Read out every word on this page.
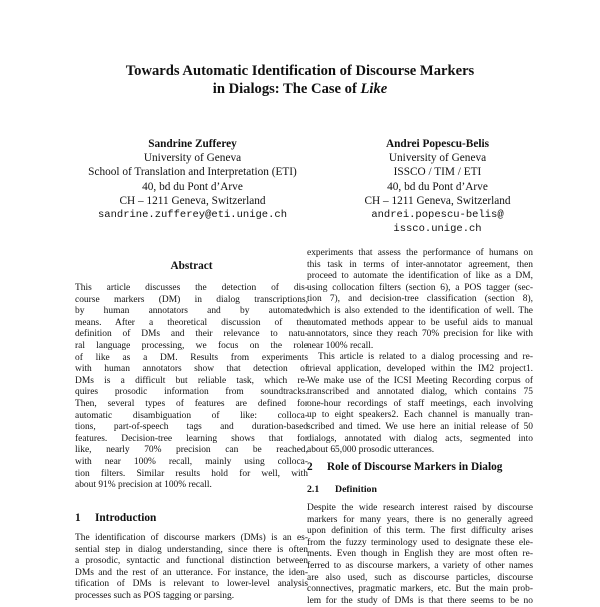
Towards Automatic Identification of Discourse Markers
in Dialogs: The Case of Like
Sandrine Zufferey
University of Geneva
School of Translation and Interpretation (ETI)
40, bd du Pont d’Arve
CH – 1211 Geneva, Switzerland
sandrine.zufferey@eti.unige.ch
Andrei Popescu-Belis
University of Geneva
ISSCO / TIM / ETI
40, bd du Pont d’Arve
CH – 1211 Geneva, Switzerland
andrei.popescu-belis@
issco.unige.ch
Abstract
This article discusses the detection of dis-
course markers (DM) in dialog transcriptions,
by human annotators and by automated
means. After a theoretical discussion of the
definition of DMs and their relevance to natu-
ral language processing, we focus on the role
of like as a DM. Results from experiments
with human annotators show that detection of
DMs is a difficult but reliable task, which re-
quires prosodic information from soundtracks.
Then, several types of features are defined for
automatic disambiguation of like: colloca-
tions, part-of-speech tags and duration-based
features. Decision-tree learning shows that for
like, nearly 70% precision can be reached,
with near 100% recall, mainly using colloca-
tion filters. Similar results hold for well, with
about 91% precision at 100% recall.
1 Introduction
The identification of discourse markers (DMs) is an es-
sential step in dialog understanding, since there is often
a prosodic, syntactic and functional distinction between
DMs and the rest of an utterance. For instance, the iden-
tification of DMs is relevant to lower-level analysis
processes such as POS tagging or parsing.
experiments that assess the performance of humans on
this task in terms of inter-annotator agreement, then
proceed to automate the identification of like as a DM,
using collocation filters (section 6), a POS tagger (sec-
tion 7), and decision-tree classification (section 8),
which is also extended to the identification of well. The
automated methods appear to be useful aids to manual
annotators, since they reach 70% precision for like with
near 100% recall.
This article is related to a dialog processing and re-
trieval application, developed within the IM2 project1.
We make use of the ICSI Meeting Recording corpus of
transcribed and annotated dialog, which contains 75
one-hour recordings of staff meetings, each involving
up to eight speakers2. Each channel is manually tran-
scribed and timed. We use here an initial release of 50
dialogs, annotated with dialog acts, segmented into
about 65,000 prosodic utterances.
2 Role of Discourse Markers in Dialog
2.1 Definition
Despite the wide research interest raised by discourse
markers for many years, there is no generally agreed
upon definition of this term. The first difficulty arises
from the fuzzy terminology used to designate these ele-
ments. Even though in English they are most often re-
ferred to as discourse markers, a variety of other names
are also used, such as discourse particles, discourse
connectives, pragmatic markers, etc. But the main prob-
lem for the study of DMs is that there seems to be no
